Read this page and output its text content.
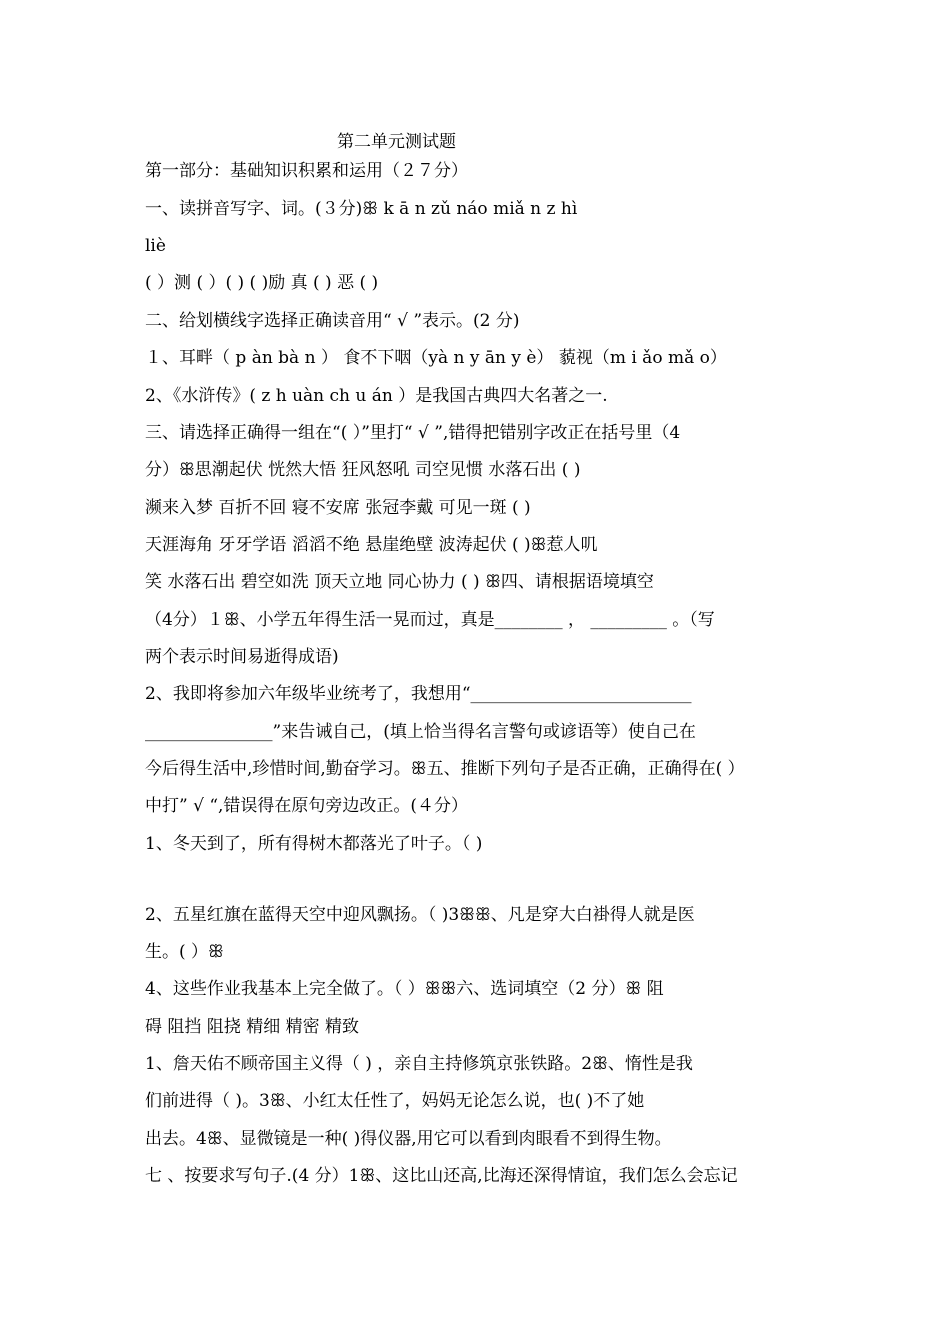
第二单元测试题
第一部分：基础知识积累和运用（２７分）
一、读拼音写字、词。(３分)ꕥ k ā n zǔ náo miǎ n z hì
liè
( ）测 ( ）( ) ( )励 真 ( ) 恶 ( )
二、给划横线字选择正确读音用“ √ ”表示。(2 分)
１、耳畔（ p àn bà n ） 食不下咽（yà n y ān y è） 藐视（m i ǎo mǎ o）
2、《水浒传》( z h uàn ch u án ）是我国古典四大名著之一.
三、请选择正确得一组在“( ）”里打“ √ ”,错得把错别字改正在括号里（4
分）ꕥ思潮起伏 恍然大悟 狂风怒吼 司空见惯 水落石出 ( )
濒来入梦 百折不回 寝不安席 张冠李戴 可见一斑 ( )
天涯海角 牙牙学语 滔滔不绝 悬崖绝壁 波涛起伏 ( )ꕥ惹人叽
笑 水落石出 碧空如洗 顶天立地 同心协力 ( ) ꕥ四、请根据语境填空
（4分）１ꕥ、小学五年得生活一晃而过，真是________ ， _________ 。（写
两个表示时间易逝得成语)
2、我即将参加六年级毕业统考了，我想用“__________________________
_______________”来告诫自己，(填上恰当得名言警句或谚语等）使自己在
今后得生活中,珍惜时间,勤奋学习。ꕥ五、推断下列句子是否正确，正确得在( ）
中打” √ “,错误得在原句旁边改正。(４分）
1、冬天到了，所有得树木都落光了叶子。（ )
2、五星红旗在蓝得天空中迎风飘扬。（ )3ꕥꕥ、凡是穿大白褂得人就是医
生。( ）ꕥ
4、这些作业我基本上完全做了。（ ）ꕥꕥ六、选词填空（2 分）ꕥ 阻
碍 阻挡 阻挠 精细 精密 精致
1、詹天佑不顾帝国主义得（ ) ，亲自主持修筑京张铁路。2ꕥ、惰性是我
们前进得（ )。3ꕥ、小红太任性了，妈妈无论怎么说，也( )不了她
出去。4ꕥ、显微镜是一种( )得仪器,用它可以看到肉眼看不到得生物。
七 、按要求写句子.(4 分）1ꕥ、这比山还高,比海还深得情谊，我们怎么会忘记
